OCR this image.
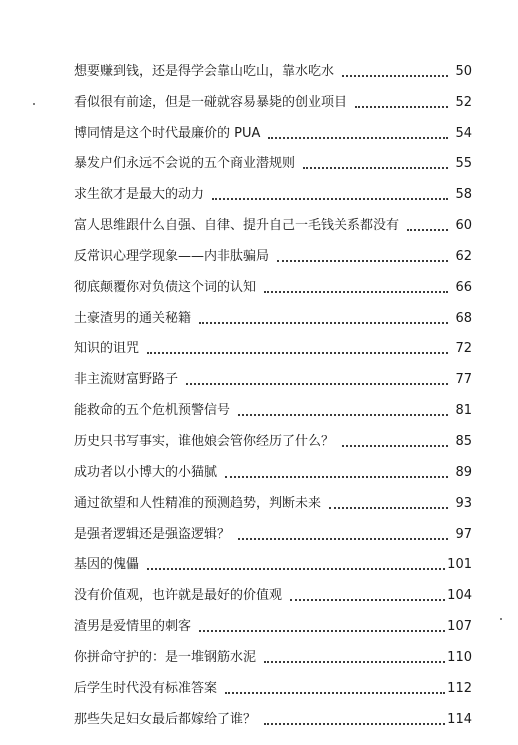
想要赚到钱，还是得学会靠山吃山，靠水吃水	50
看似很有前途，但是一碰就容易暴毙的创业项目	52
博同情是这个时代最廉价的 PUA	54
暴发户们永远不会说的五个商业潜规则	55
求生欲才是最大的动力	58
富人思维跟什么自强、自律、提升自己一毛钱关系都没有	60
反常识心理学现象——内非肽骗局	62
彻底颠覆你对负债这个词的认知	66
土豪渣男的通关秘籍	68
知识的诅咒	72
非主流财富野路子	77
能救命的五个危机预警信号	81
历史只书写事实，谁他娘会管你经历了什么？	85
成功者以小博大的小猫腻	89
通过欲望和人性精准的预测趋势，判断未来	93
是强者逻辑还是强盗逻辑？	97
基因的傀儡	101
没有价值观，也许就是最好的价值观	104
渣男是爱情里的刺客	107
你拼命守护的：是一堆钢筋水泥	110
后学生时代没有标准答案	112
那些失足妇女最后都嫁给了谁？	114
